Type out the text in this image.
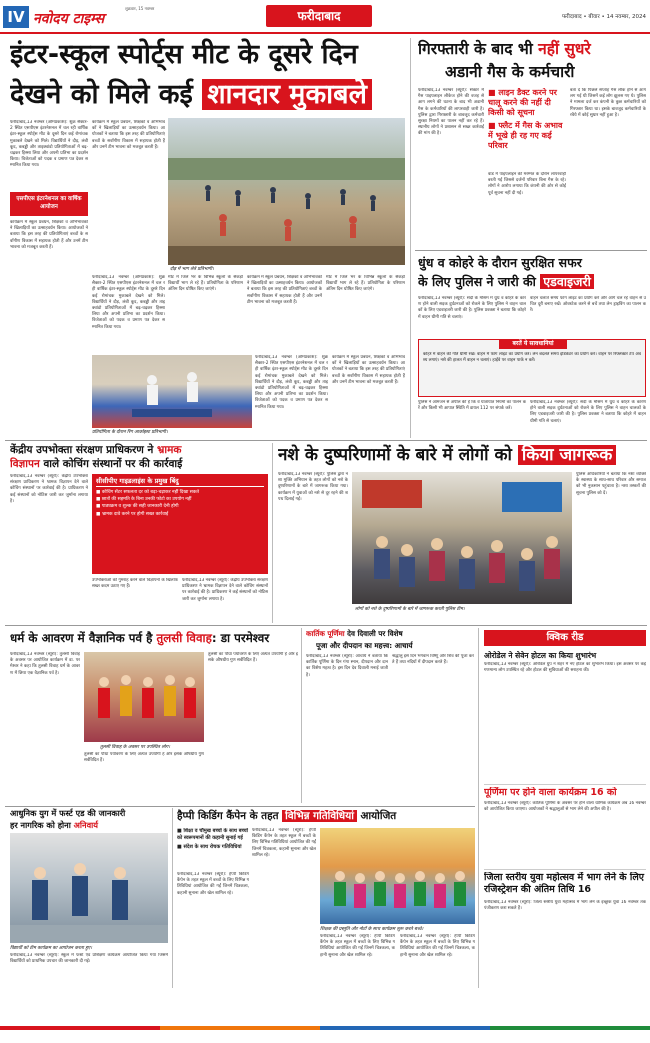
IV नवोदय टाइम्स
शुक्रवार, 15 नवम्बर
फरीदाबाद	फरीदाबाद • बीवार • 14 नवम्बर, 2024
इंटर-स्कूल स्पोर्ट्स मीट के दूसरे दिन
देखने को मिले कई शानदार मुकाबले
फरीदाबाद,13 नवम्बर (ओमप्रकाश): शुक्र सैक्टर-2 स्थित एसपीएस इंटरनेशनल में चल रही वार्षिक इंटर-स्कूल स्पोर्ट्स मीट के दूसरे दिन कई रोमांचक मुकाबले देखने को मिले। विद्यार्थियों ने दौड़, लंबी कूद, कबड्डी और ताइक्वांडो प्रतियोगिताओं में बढ़-चढ़कर हिस्सा लिया और अपनी प्रतिभा का प्रदर्शन किया। विजेताओं को पदक व प्रमाण पत्र देकर सम्मानित किया गया।
एसपीएस इंटरनेशनल का वार्षिक आयोजन
कार्यक्रम में स्कूल प्रबंधन, शिक्षकों व अभिभावकों ने खिलाड़ियों का उत्साहवर्धन किया। आयोजकों ने बताया कि इस तरह की प्रतियोगिताएं बच्चों के सर्वांगीण विकास में सहायक होती हैं और उनमें टीम भावना को मजबूत करती हैं।
कार्यक्रम में स्कूल प्रबंधन, शिक्षकों व अभिभावकों ने खिलाड़ियों का उत्साहवर्धन किया। आयोजकों ने बताया कि इस तरह की प्रतियोगिताएं बच्चों के सर्वांगीण विकास में सहायक होती हैं और उनमें टीम भावना को मजबूत करती हैं।
दौड़ में भाग लेते प्रतिभागी।
फरीदाबाद,13 नवम्बर (ओमप्रकाश): शुक्र सैक्टर-2 स्थित एसपीएस इंटरनेशनल में चल रही वार्षिक इंटर-स्कूल स्पोर्ट्स मीट के दूसरे दिन कई रोमांचक मुकाबले देखने को मिले। विद्यार्थियों ने दौड़, लंबी कूद, कबड्डी और ताइक्वांडो प्रतियोगिताओं में बढ़-चढ़कर हिस्सा लिया और अपनी प्रतिभा का प्रदर्शन किया। विजेताओं को पदक व प्रमाण पत्र देकर सम्मानित किया गया।
मीट में जिले भर के विभिन्न स्कूलों के सैकड़ों विद्यार्थी भाग ले रहे हैं। प्रतियोगिता के परिणाम अंतिम दिन घोषित किए जाएंगे।
कार्यक्रम में स्कूल प्रबंधन, शिक्षकों व अभिभावकों ने खिलाड़ियों का उत्साहवर्धन किया। आयोजकों ने बताया कि इस तरह की प्रतियोगिताएं बच्चों के सर्वांगीण विकास में सहायक होती हैं और उनमें टीम भावना को मजबूत करती हैं।
मीट में जिले भर के विभिन्न स्कूलों के सैकड़ों विद्यार्थी भाग ले रहे हैं। प्रतियोगिता के परिणाम अंतिम दिन घोषित किए जाएंगे।
प्रतियोगिता के दौरान रिंग आर्काइस्ट प्रतिभागी।
फरीदाबाद,13 नवम्बर (ओमप्रकाश): शुक्र सैक्टर-2 स्थित एसपीएस इंटरनेशनल में चल रही वार्षिक इंटर-स्कूल स्पोर्ट्स मीट के दूसरे दिन कई रोमांचक मुकाबले देखने को मिले। विद्यार्थियों ने दौड़, लंबी कूद, कबड्डी और ताइक्वांडो प्रतियोगिताओं में बढ़-चढ़कर हिस्सा लिया और अपनी प्रतिभा का प्रदर्शन किया। विजेताओं को पदक व प्रमाण पत्र देकर सम्मानित किया गया।
कार्यक्रम में स्कूल प्रबंधन, शिक्षकों व अभिभावकों ने खिलाड़ियों का उत्साहवर्धन किया। आयोजकों ने बताया कि इस तरह की प्रतियोगिताएं बच्चों के सर्वांगीण विकास में सहायक होती हैं और उनमें टीम भावना को मजबूत करती हैं।
गिरफ्तारी के बाद भी नहीं सुधरे
अडानी गैस के कर्मचारी
फरीदाबाद,13 नवम्बर (ब्यूरो): सेक्टर में गैस पाइपलाइन लीकेज होने की वजह से आग लगने की घटना के बाद भी अडानी गैस के कर्मचारियों की लापरवाही जारी है। पुलिस द्वारा गिरफ्तारी के बावजूद कर्मचारी सुरक्षा नियमों का पालन नहीं कर रहे हैं। स्थानीय लोगों ने प्रशासन से सख्त कार्रवाई की मांग की है।
■ लाइन डैक्ट करने पर चालू करने की नहीं दी किसी को सूचना
■ फ्लैट में गैस के अभाव में भूखे ही रह गए कई परिवार
वार्ड में पाइपलाइन की मरम्मत के दौरान लापरवाही बरती गई जिससे दर्जनों परिवार बिना गैस के रहे। लोगों ने आरोप लगाया कि कंपनी की ओर से कोई पूर्व सूचना नहीं दी गई।
बता दें कि पिछले सप्ताह गैस लीक होने से आग लग गई थी जिसमें कई लोग झुलस गए थे। पुलिस ने मामला दर्ज कर कंपनी के कुछ कर्मचारियों को गिरफ्तार किया था। इसके बावजूद कर्मचारियों के रवैये में कोई सुधार नहीं हुआ है।
धुंध व कोहरे के दौरान सुरक्षित सफर
के लिए पुलिस ने जारी की एडवाइजरी
फरीदाबाद,13 नवम्बर (ब्यूरो): सर्दी के मौसम में धुंध व कोहरे के कारण होने वाली सड़क दुर्घटनाओं को रोकने के लिए पुलिस ने वाहन चालकों के लिए एडवाइजरी जारी की है। पुलिस प्रवक्ता ने बताया कि कोहरे में वाहन धीमी गति से चलाएं।
वाहन चलाते समय फॉग लाइट का प्रयोग करें और आगे चल रहे वाहन से उचित दूरी बनाए रखें। ओवरटेक करने से बचें तथा लेन ड्राइविंग का पालन करें।
बरतें ये सावधानियां
कोहरे में वाहन की गति धीमी रखें। वाहन में फॉग लाइट का प्रयोग करें। लेन बदलते समय इंडिकेटर का प्रयोग करें। वाहन पर रिफ्लेक्टर टेप अवश्य लगाएं। नशे की हालत में वाहन न चलाएं। हाईवे पर वाहन पार्क न करें।
पुलिस ने आमजन से अपील की है कि वे यातायात नियमों का पालन करें और किसी भी आपात स्थिति में डायल 112 पर संपर्क करें।
फरीदाबाद,13 नवम्बर (ब्यूरो): सर्दी के मौसम में धुंध व कोहरे के कारण होने वाली सड़क दुर्घटनाओं को रोकने के लिए पुलिस ने वाहन चालकों के लिए एडवाइजरी जारी की है। पुलिस प्रवक्ता ने बताया कि कोहरे में वाहन धीमी गति से चलाएं।
केंद्रीय उपभोक्ता संरक्षण प्राधिकरण ने भ्रामक
विज्ञापन वाले कोचिंग संस्थानों पर की कार्रवाई
फरीदाबाद,13 नवम्बर (ब्यूरो): केंद्रीय उपभोक्ता संरक्षण प्राधिकरण ने भ्रामक विज्ञापन देने वाले कोचिंग संस्थानों पर कार्रवाई की है। प्राधिकरण ने कई संस्थानों को नोटिस जारी कर जुर्माना लगाया है।
सीसीपीए गाइडलाइंस के प्रमुख बिंदु
■ कोचिंग सेंटर सफलता दर को बढ़ा-चढ़ाकर नहीं दिखा सकते
■ छात्रों की सहमति के बिना उनकी फोटो का उपयोग नहीं
■ पाठ्यक्रम व शुल्क की सही जानकारी देनी होगी
■ भ्रामक दावे करने पर होगी सख्त कार्रवाई
उपभोक्ताओं को गुमराह करने वाले विज्ञापनों के खिलाफ सख्त कदम उठाए गए हैं।
फरीदाबाद,13 नवम्बर (ब्यूरो): केंद्रीय उपभोक्ता संरक्षण प्राधिकरण ने भ्रामक विज्ञापन देने वाले कोचिंग संस्थानों पर कार्रवाई की है। प्राधिकरण ने कई संस्थानों को नोटिस जारी कर जुर्माना लगाया है।
नशे के दुष्परिणामों के बारे में लोगों को किया जागरूक
फरीदाबाद,13 नवम्बर (ब्यूरो): पुलिस द्वारा नशा मुक्ति अभियान के तहत लोगों को नशे के दुष्परिणामों के बारे में जागरूक किया गया। कार्यक्रम में युवाओं को नशे से दूर रहने की शपथ दिलाई गई।
लोगों को नशे के दुष्परिणामों के बारे में जागरूक करती पुलिस टीम।
पुलिस अधिकारियों ने बताया कि नशा व्यक्ति के स्वास्थ्य के साथ-साथ परिवार और समाज को भी नुकसान पहुंचाता है। नशा तस्करों की सूचना पुलिस को दें।
धर्म के आवरण में वैज्ञानिक पर्व है तुलसी विवाह: डा परमेश्वर
फरीदाबाद,13 नवम्बर (ब्यूरो): तुलसी विवाह के अवसर पर आयोजित कार्यक्रम में डा. परमेश्वर ने कहा कि तुलसी विवाह धर्म के आवरण में छिपा एक वैज्ञानिक पर्व है।
तुलसी विवाह के अवसर पर उपस्थित लोग।
तुलसी का पौधा पर्यावरण के लिए अत्यंत उपयोगी है और इसके औषधीय गुण सर्वविदित हैं।
तुलसी का पौधा पर्यावरण के लिए अत्यंत उपयोगी है और इसके औषधीय गुण सर्वविदित हैं।
कार्तिक पूर्णिमा देव दिवाली पर विशेष
पूजा और दीपदान का महत्त्व: आचार्य
फरीदाबाद,13 नवम्बर (ब्यूरो): आचार्य ने बताया कि कार्तिक पूर्णिमा के दिन गंगा स्नान, दीपदान और दान का विशेष महत्व है। इस दिन देव दिवाली मनाई जाती है।
श्रद्धालु इस दिन भगवान विष्णु और शिव की पूजा करते हैं तथा नदियों में दीपदान करते हैं।
क्विक रीड
ओरोडेल ने सेवेन होटल का किया शुभारंभ
फरीदाबाद,13 नवम्बर (ब्यूरो): ओरोडेल ग्रुप ने शहर में नए होटल का शुभारंभ किया। इस अवसर पर कई गणमान्य लोग उपस्थित रहे और होटल की सुविधाओं की सराहना की।
पूर्णिमा पर होने वाला कार्यक्रम 16 को
फरीदाबाद,13 नवम्बर (ब्यूरो): कार्तिक पूर्णिमा के अवसर पर होने वाला धार्मिक कार्यक्रम अब 16 नवम्बर को आयोजित किया जाएगा। आयोजकों ने श्रद्धालुओं से भाग लेने की अपील की है।
जिला स्तरीय युवा महोत्सव में भाग लेने के लिए रजिस्ट्रेशन की अंतिम तिथि 16
फरीदाबाद,13 नवम्बर (ब्यूरो): जिला स्तरीय युवा महोत्सव में भाग लेने के इच्छुक युवा 16 नवम्बर तक पंजीकरण करा सकते हैं।
आधुनिक युग में फर्स्ट एड की जानकारी
हर नागरिक को होना अनिवार्य
विद्यार्थी को टीम कार्यक्रम का आयोजन करता हुए।
फरीदाबाद,13 नवम्बर (ब्यूरो): स्कूल में फर्स्ट एड प्रशिक्षण कार्यक्रम आयोजित किया गया जिसमें विद्यार्थियों को प्राथमिक उपचार की जानकारी दी गई।
हैप्पी किडिंग कैंपेन के तहत विभिन्न गतिविधियां आयोजित
■ शिक्षा व चौमुख बच्चों के साथ बच्चों को स्वरूपमानों की कहानी सुनाई गई
■ संदेश के साथ रोचक गतिविधियां
फरीदाबाद,13 नवम्बर (ब्यूरो): हैप्पी किडिंग कैंपेन के तहत स्कूल में बच्चों के लिए विभिन्न गतिविधियां आयोजित की गईं जिनमें चित्रकला, कहानी सुनाना और खेल शामिल रहे।
फरीदाबाद,13 नवम्बर (ब्यूरो): हैप्पी किडिंग कैंपेन के तहत स्कूल में बच्चों के लिए विभिन्न गतिविधियां आयोजित की गईं जिनमें चित्रकला, कहानी सुनाना और खेल शामिल रहे।
शिक्षक की प्रस्तुति और नोटों के साथ कार्यक्रम शुरू करते बच्चे।
फरीदाबाद,13 नवम्बर (ब्यूरो): हैप्पी किडिंग कैंपेन के तहत स्कूल में बच्चों के लिए विभिन्न गतिविधियां आयोजित की गईं जिनमें चित्रकला, कहानी सुनाना और खेल शामिल रहे।
फरीदाबाद,13 नवम्बर (ब्यूरो): हैप्पी किडिंग कैंपेन के तहत स्कूल में बच्चों के लिए विभिन्न गतिविधियां आयोजित की गईं जिनमें चित्रकला, कहानी सुनाना और खेल शामिल रहे।
